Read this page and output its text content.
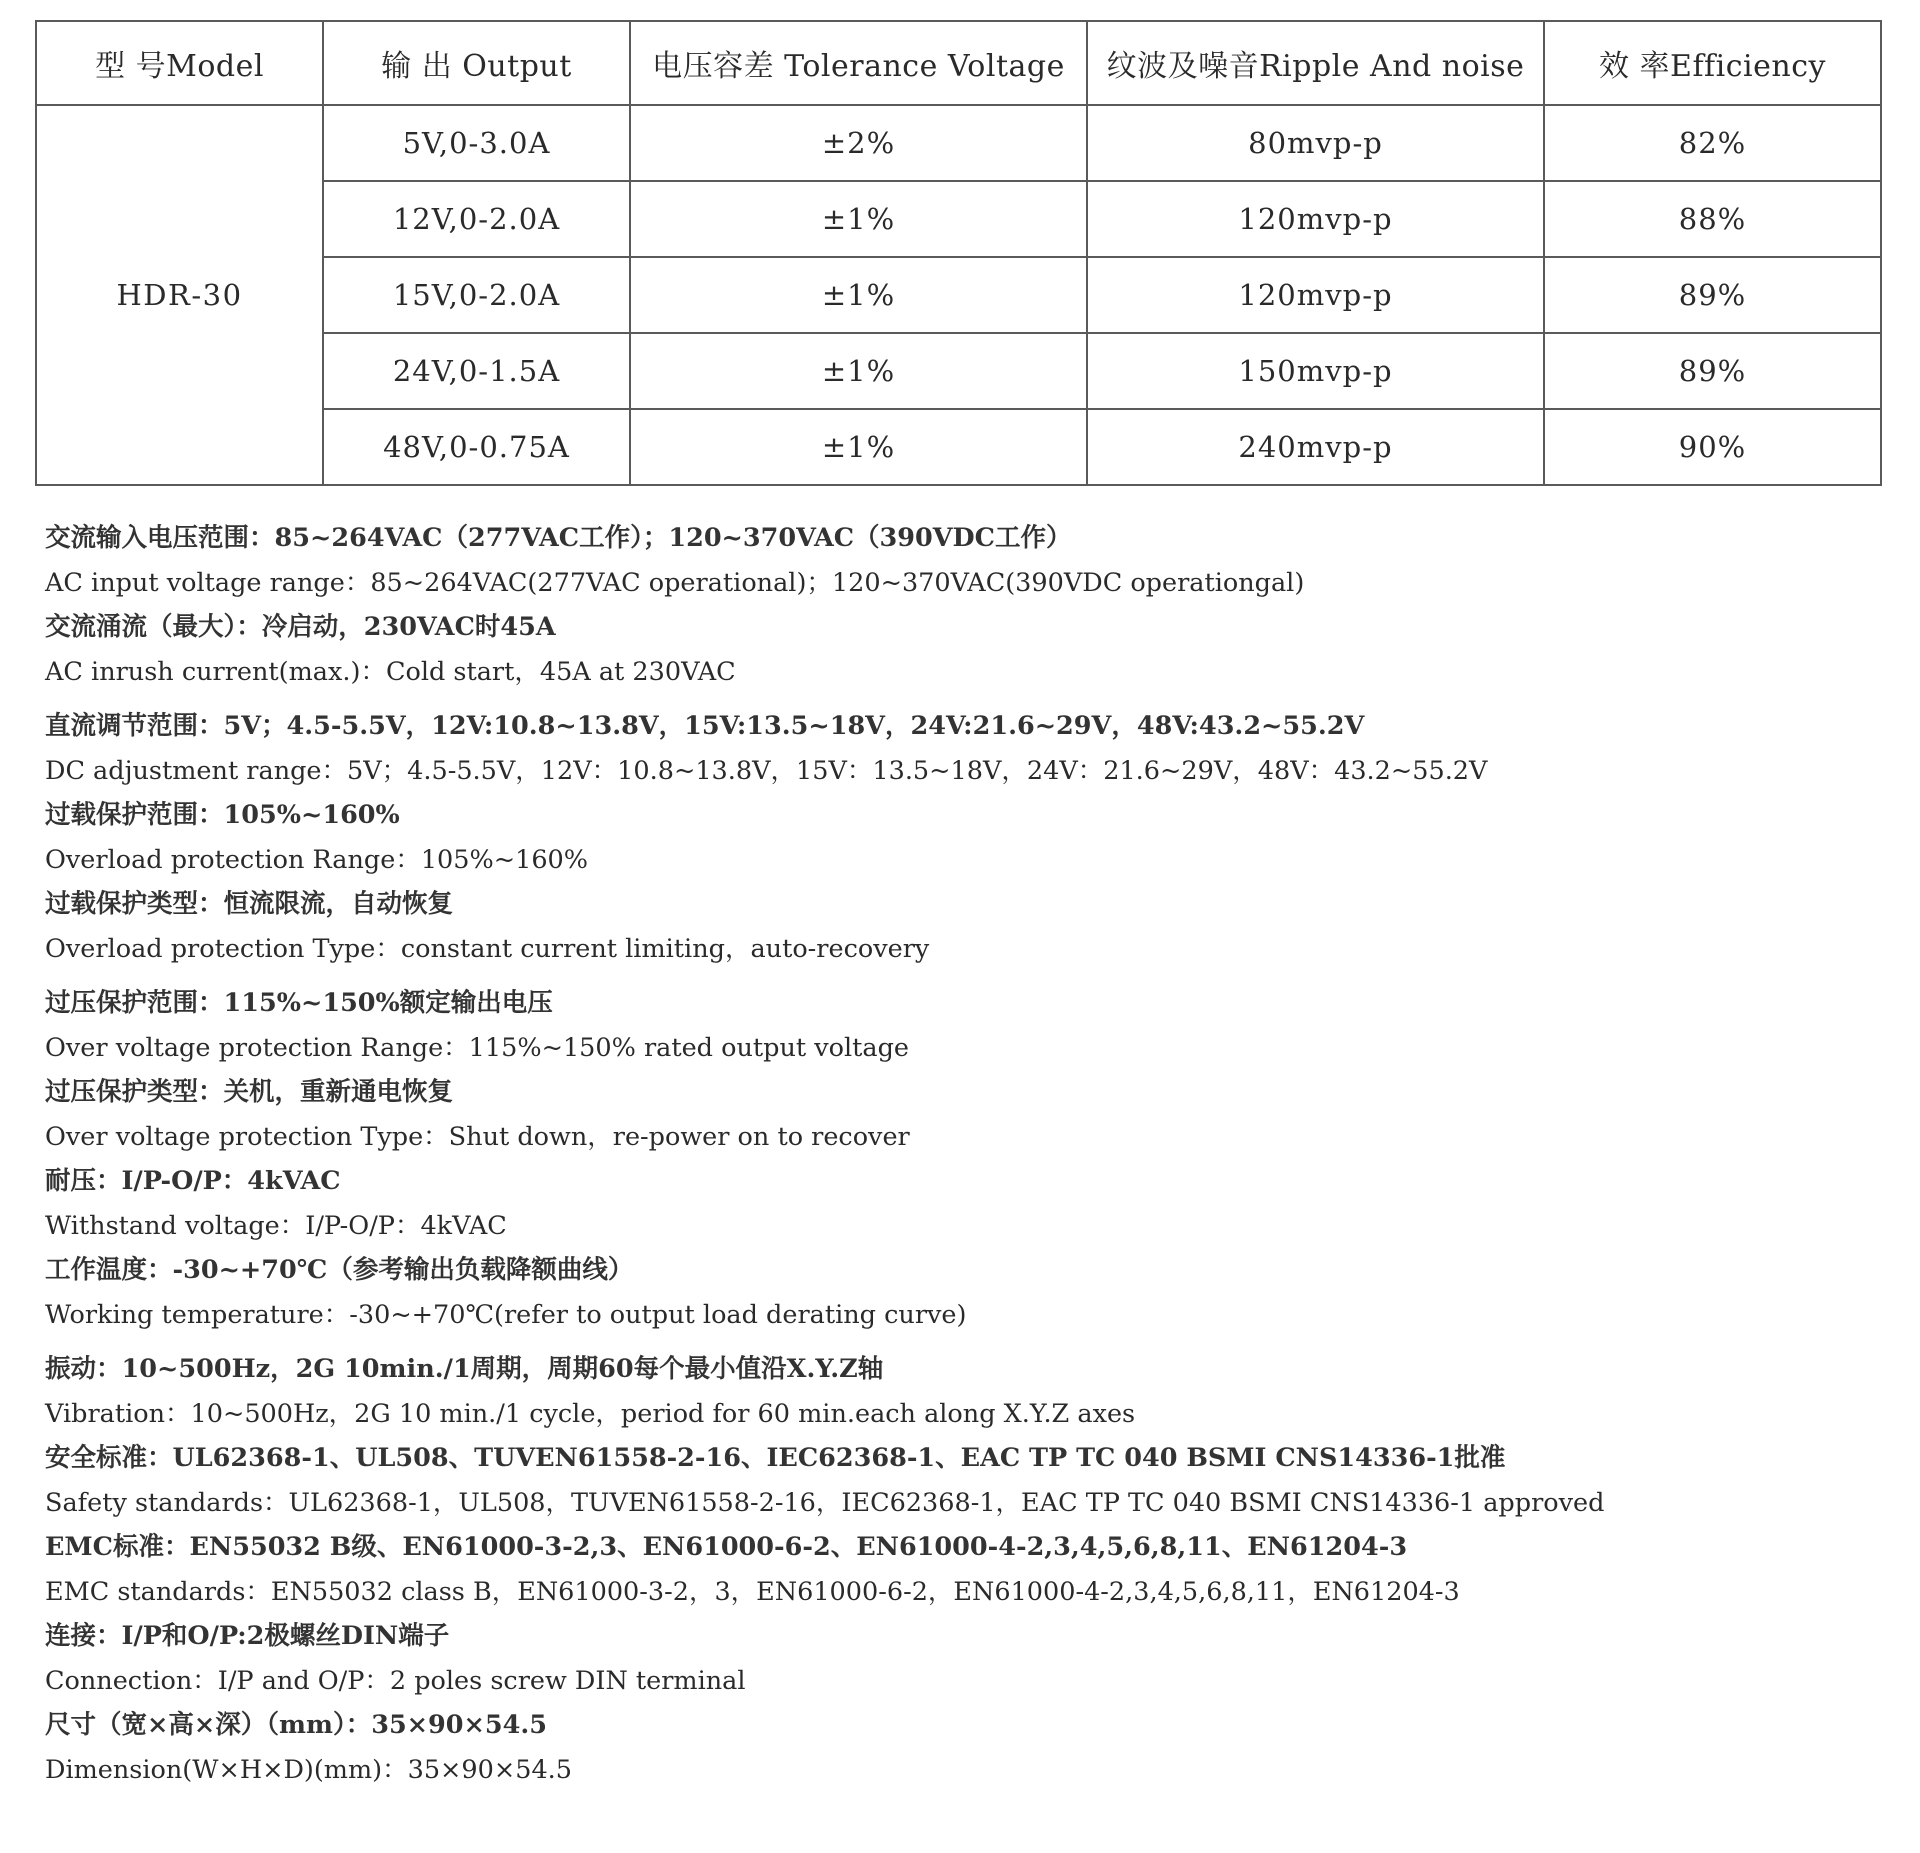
型 号Model	输 出 Output	电压容差 Tolerance Voltage	纹波及噪音Ripple And noise	效 率Efficiency
HDR-30	5V,0-3.0A	±2%	80mvp-p	82%
	12V,0-2.0A	±1%	120mvp-p	88%
	15V,0-2.0A	±1%	120mvp-p	89%
	24V,0-1.5A	±1%	150mvp-p	89%
	48V,0-0.75A	±1%	240mvp-p	90%
交流输入电压范围：85~264VAC（277VAC工作）；120~370VAC（390VDC工作）
AC input voltage range：85~264VAC(277VAC operational)；120~370VAC(390VDC operationgal)
交流涌流（最大）：冷启动，230VAC时45A
AC inrush current(max.)：Cold start，45A at 230VAC
直流调节范围：5V；4.5-5.5V，12V:10.8~13.8V，15V:13.5~18V，24V:21.6~29V，48V:43.2~55.2V
DC adjustment range：5V；4.5-5.5V，12V：10.8~13.8V，15V：13.5~18V，24V：21.6~29V，48V：43.2~55.2V
过载保护范围：105%~160%
Overload protection Range：105%~160%
过载保护类型：恒流限流，自动恢复
Overload protection Type：constant current limiting，auto-recovery
过压保护范围：115%~150%额定输出电压
Over voltage protection Range：115%~150% rated output voltage
过压保护类型：关机，重新通电恢复
Over voltage protection Type：Shut down，re-power on to recover
耐压：I/P-O/P：4kVAC
Withstand voltage：I/P-O/P：4kVAC
工作温度：-30~+70℃（参考输出负载降额曲线）
Working temperature：-30~+70℃(refer to output load derating curve)
振动：10~500Hz，2G 10min./1周期，周期60每个最小值沿X.Y.Z轴
Vibration：10~500Hz，2G 10 min./1 cycle，period for 60 min.each along X.Y.Z axes
安全标准：UL62368-1、UL508、TUVEN61558-2-16、IEC62368-1、EAC TP TC 040 BSMI CNS14336-1批准
Safety standards：UL62368-1，UL508，TUVEN61558-2-16，IEC62368-1，EAC TP TC 040 BSMI CNS14336-1 approved
EMC标准：EN55032 B级、EN61000-3-2,3、EN61000-6-2、EN61000-4-2,3,4,5,6,8,11、EN61204-3
EMC standards：EN55032 class B，EN61000-3-2，3，EN61000-6-2，EN61000-4-2,3,4,5,6,8,11，EN61204-3
连接：I/P和O/P:2极螺丝DIN端子
Connection：I/P and O/P：2 poles screw DIN terminal
尺寸（宽×高×深）（mm）：35×90×54.5
Dimension(W×H×D)(mm)：35×90×54.5
